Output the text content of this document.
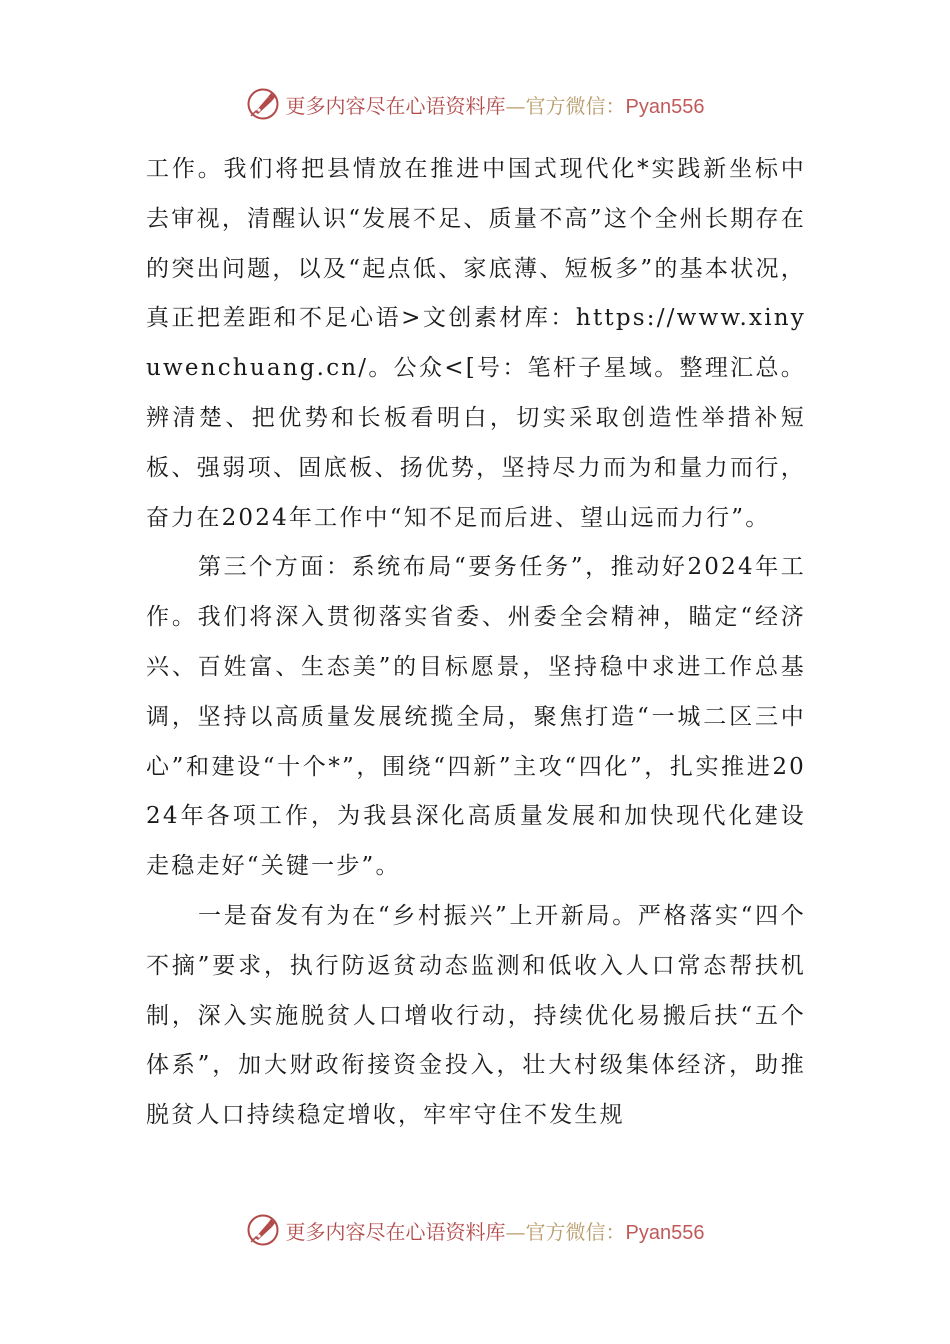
更多内容尽在心语资料库—官方微信：Pyan556

工作。我们将把县情放在推进中国式现代化*实践新坐标中去审视，清醒认识“发展不足、质量不高”这个全州长期存在的突出问题，以及“起点低、家底薄、短板多”的基本状况，真正把差距和不足心语>文创素材库：https://www.xinyuwenchuang.cn/。公众<[号：笔杆子星域。整理汇总。辨清楚、把优势和长板看明白，切实采取创造性举措补短板、强弱项、固底板、扬优势，坚持尽力而为和量力而行，奋力在2024年工作中“知不足而后进、望山远而力行”。

第三个方面：系统布局“要务任务”，推动好2024年工作。我们将深入贯彻落实省委、州委全会精神，瞄定“经济兴、百姓富、生态美”的目标愿景，坚持稳中求进工作总基调，坚持以高质量发展统揽全局，聚焦打造“一城二区三中心”和建设“十个*”，围绕“四新”主攻“四化”，扎实推进2024年各项工作，为我县深化高质量发展和加快现代化建设走稳走好“关键一步”。

一是奋发有为在“乡村振兴”上开新局。严格落实“四个不摘”要求，执行防返贫动态监测和低收入人口常态帮扶机制，深入实施脱贫人口增收行动，持续优化易搬后扶“五个体系”，加大财政衔接资金投入，壮大村级集体经济，助推脱贫人口持续稳定增收，牢牢守住不发生规

更多内容尽在心语资料库—官方微信：Pyan556
